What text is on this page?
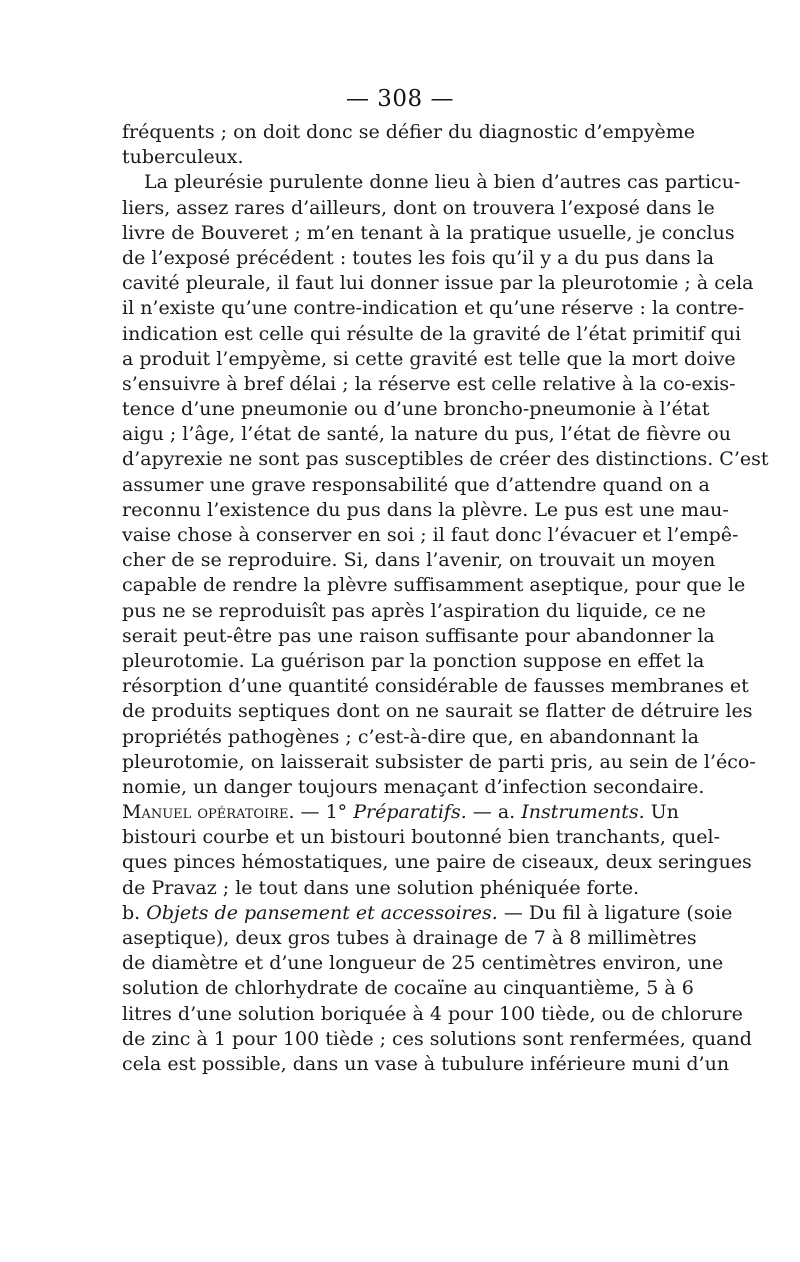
— 308 —
fréquents ; on doit donc se défier du diagnostic d’empyème
tuberculeux.
La pleurésie purulente donne lieu à bien d’autres cas particu-
liers, assez rares d’ailleurs, dont on trouvera l’exposé dans le
livre de Bouveret ; m’en tenant à la pratique usuelle, je conclus
de l’exposé précédent : toutes les fois qu’il y a du pus dans la
cavité pleurale, il faut lui donner issue par la pleurotomie ; à cela
il n’existe qu’une contre-indication et qu’une réserve : la contre-
indication est celle qui résulte de la gravité de l’état primitif qui
a produit l’empyème, si cette gravité est telle que la mort doive
s’ensuivre à bref délai ; la réserve est celle relative à la co-exis-
tence d’une pneumonie ou d’une broncho-pneumonie à l’état
aigu ; l’âge, l’état de santé, la nature du pus, l’état de fièvre ou
d’apyrexie ne sont pas susceptibles de créer des distinctions. C’est
assumer une grave responsabilité que d’attendre quand on a
reconnu l’existence du pus dans la plèvre. Le pus est une mau-
vaise chose à conserver en soi ; il faut donc l’évacuer et l’empê-
cher de se reproduire. Si, dans l’avenir, on trouvait un moyen
capable de rendre la plèvre suffisamment aseptique, pour que le
pus ne se reproduisît pas après l’aspiration du liquide, ce ne
serait peut-être pas une raison suffisante pour abandonner la
pleurotomie. La guérison par la ponction suppose en effet la
résorption d’une quantité considérable de fausses membranes et
de produits septiques dont on ne saurait se flatter de détruire les
propriétés pathogènes ; c’est-à-dire que, en abandonnant la
pleurotomie, on laisserait subsister de parti pris, au sein de l’éco-
nomie, un danger toujours menaçant d’infection secondaire.
Manuel opératoire. — 1° Préparatifs. — a. Instruments. Un
bistouri courbe et un bistouri boutonné bien tranchants, quel-
ques pinces hémostatiques, une paire de ciseaux, deux seringues
de Pravaz ; le tout dans une solution phéniquée forte.
b. Objets de pansement et accessoires. — Du fil à ligature (soie
aseptique), deux gros tubes à drainage de 7 à 8 millimètres
de diamètre et d’une longueur de 25 centimètres environ, une
solution de chlorhydrate de cocaïne au cinquantième, 5 à 6
litres d’une solution boriquée à 4 pour 100 tiède, ou de chlorure
de zinc à 1 pour 100 tiède ; ces solutions sont renfermées, quand
cela est possible, dans un vase à tubulure inférieure muni d’un
